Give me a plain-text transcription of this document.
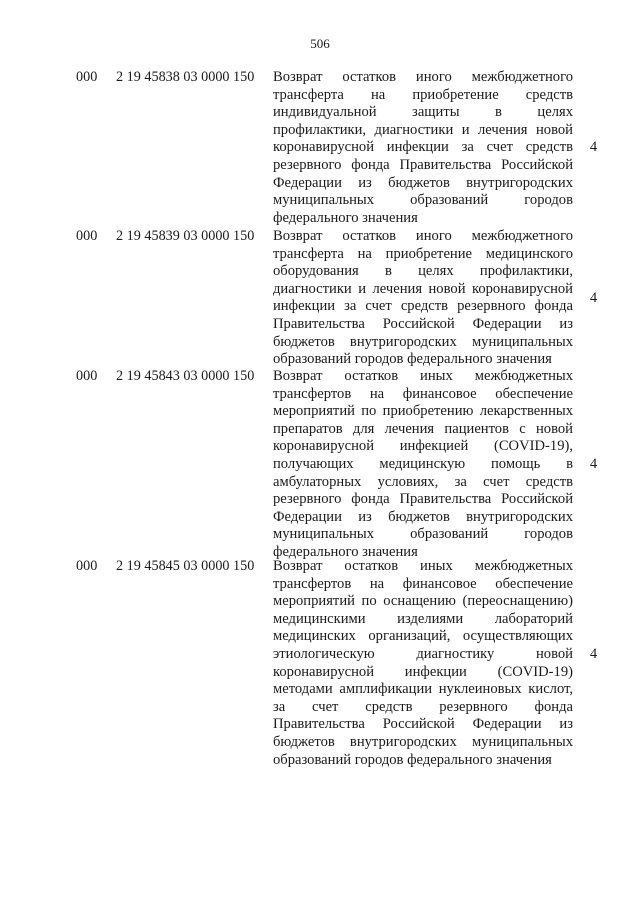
506
000 2 19 45838 03 0000 150 Возврат остатков иного межбюджетного
трансферта на приобретение средств
индивидуальной защиты в целях
профилактики, диагностики и лечения новой
коронавирусной инфекции за счет средств
резервного фонда Правительства Российской
Федерации из бюджетов внутригородских
муниципальных образований городов
федерального значения
4
000 2 19 45839 03 0000 150 Возврат остатков иного межбюджетного
трансферта на приобретение медицинского
оборудования в целях профилактики,
диагностики и лечения новой коронавирусной
инфекции за счет средств резервного фонда
Правительства Российской Федерации из
бюджетов внутригородских муниципальных
образований городов федерального значения
4
000 2 19 45843 03 0000 150 Возврат остатков иных межбюджетных
трансфертов на финансовое обеспечение
мероприятий по приобретению лекарственных
препаратов для лечения пациентов с новой
коронавирусной инфекцией (COVID-19),
получающих медицинскую помощь в
амбулаторных условиях, за счет средств
резервного фонда Правительства Российской
Федерации из бюджетов внутригородских
муниципальных образований городов
федерального значения
4
000 2 19 45845 03 0000 150 Возврат остатков иных межбюджетных
трансфертов на финансовое обеспечение
мероприятий по оснащению (переоснащению)
медицинскими изделиями лабораторий
медицинских организаций, осуществляющих
этиологическую диагностику новой
коронавирусной инфекции (COVID-19)
методами амплификации нуклеиновых кислот,
за счет средств резервного фонда
Правительства Российской Федерации из
бюджетов внутригородских муниципальных
образований городов федерального значения
4
